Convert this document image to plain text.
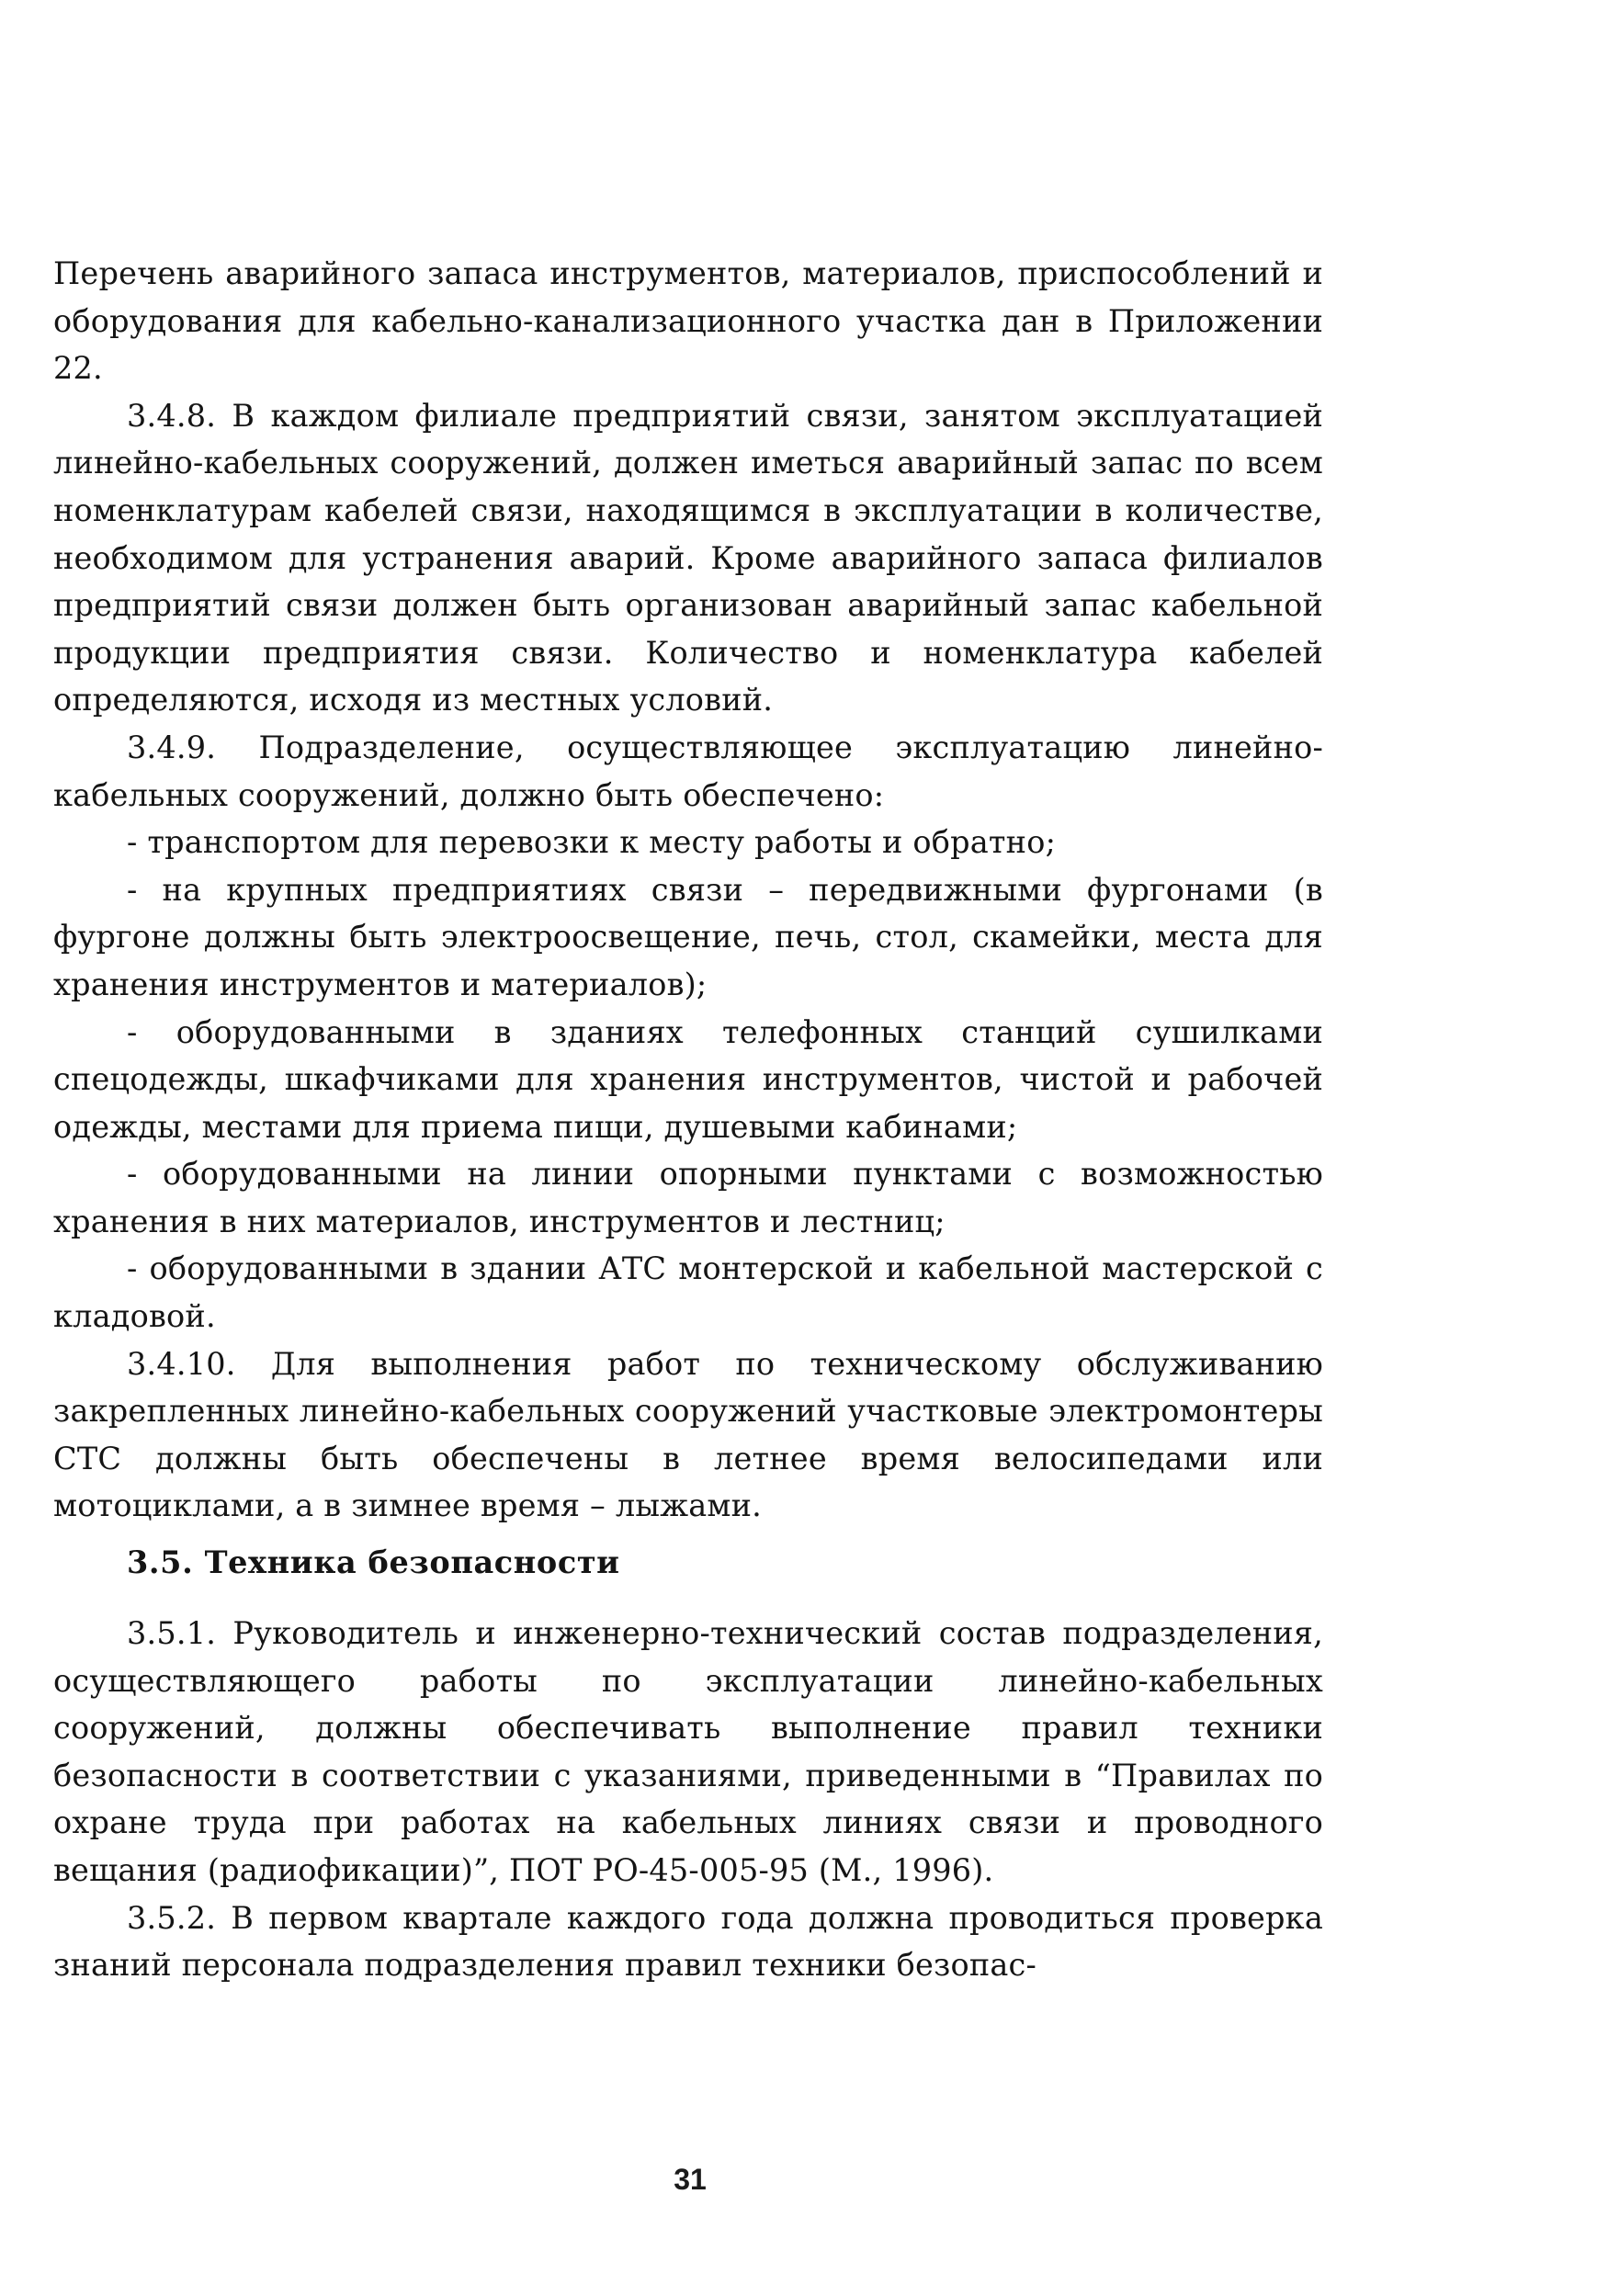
Перечень аварийного запаса инструментов, материалов, приспособлений и оборудования для кабельно-канализационного участка дан в Приложении 22.

3.4.8. В каждом филиале предприятий связи, занятом эксплуатацией линейно-кабельных сооружений, должен иметься аварийный запас по всем номенклатурам кабелей связи, находящимся в эксплуатации в количестве, необходимом для устранения аварий. Кроме аварийного запаса филиалов предприятий связи должен быть организован аварийный запас кабельной продукции предприятия связи. Количество и номенклатура кабелей определяются, исходя из местных условий.

3.4.9. Подразделение, осуществляющее эксплуатацию линейно-кабельных сооружений, должно быть обеспечено:

- транспортом для перевозки к месту работы и обратно;

- на крупных предприятиях связи – передвижными фургонами (в фургоне должны быть электроосвещение, печь, стол, скамейки, места для хранения инструментов и материалов);

- оборудованными в зданиях телефонных станций сушилками спецодежды, шкафчиками для хранения инструментов, чистой и рабочей одежды, местами для приема пищи, душевыми кабинами;

- оборудованными на линии опорными пунктами с возможностью хранения в них материалов, инструментов и лестниц;

- оборудованными в здании АТС монтерской и кабельной мастерской с кладовой.

3.4.10. Для выполнения работ по техническому обслуживанию закрепленных линейно-кабельных сооружений участковые электромонтеры СТС должны быть обеспечены в летнее время велосипедами или мотоциклами, а в зимнее время – лыжами.

3.5. Техника безопасности

3.5.1. Руководитель и инженерно-технический состав подразделения, осуществляющего работы по эксплуатации линейно-кабельных сооружений, должны обеспечивать выполнение правил техники безопасности в соответствии с указаниями, приведенными в “Правилах по охране труда при работах на кабельных линиях связи и проводного вещания (радиофикации)”, ПОТ РО-45-005-95 (М., 1996).

3.5.2. В первом квартале каждого года должна проводиться проверка знаний персонала подразделения правил техники безопас-

31
